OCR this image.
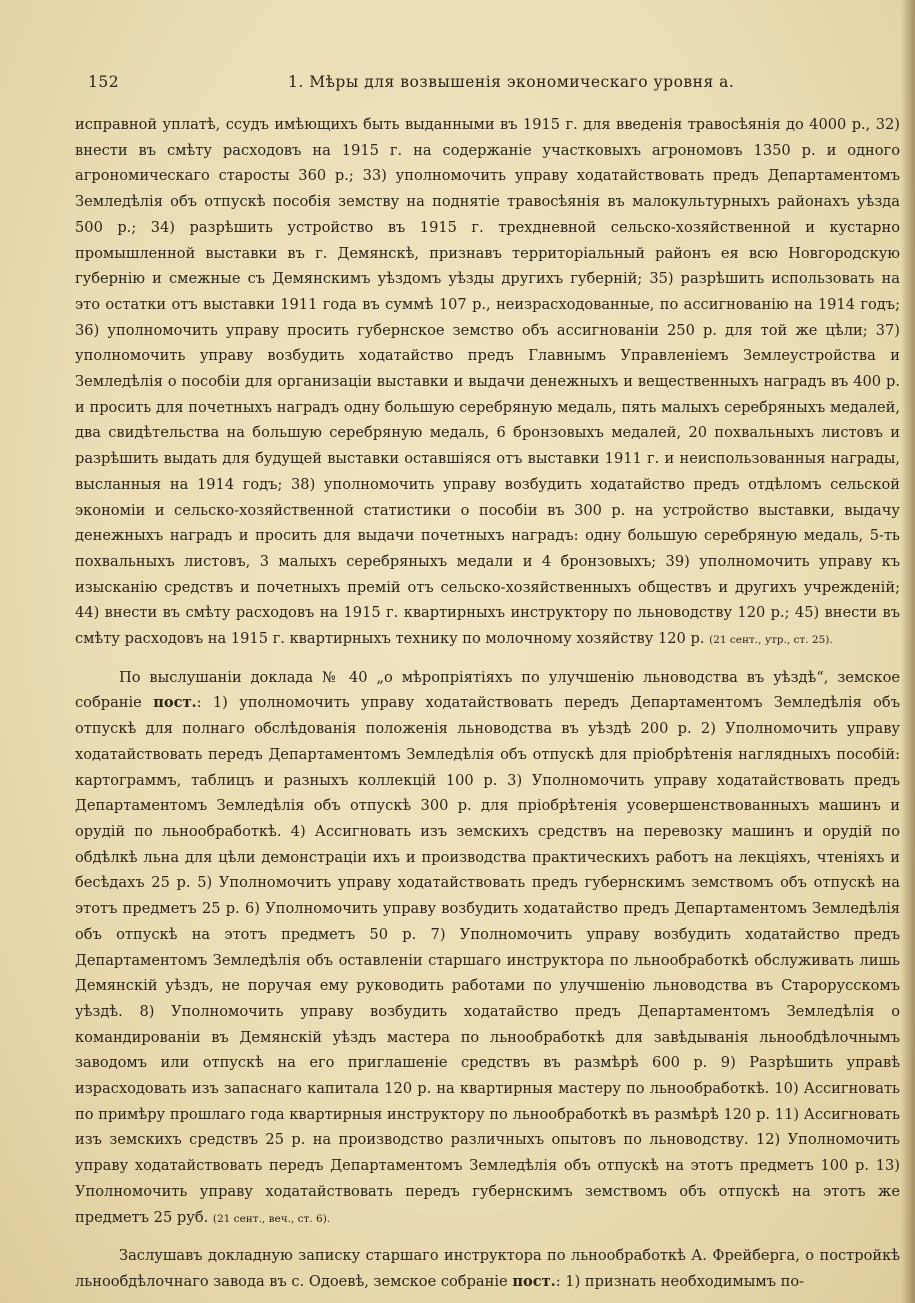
152	1. Мѣры для возвышенія экономическаго уровня а.

исправной уплатѣ, ссудъ имѣющихъ быть выданными въ 1915 г. для введенія травосѣянія до 4000 р., 32) внести въ смѣту расходовъ на 1915 г. на содержаніе участковыхъ агрономовъ 1350 р. и одного агрономическаго старосты 360 р.; 33) уполномочить управу ходатайствовать предъ Департаментомъ Земледѣлія объ отпускѣ пособія земству на поднятіе травосѣянія въ малокультурныхъ районахъ уѣзда 500 р.; 34) разрѣшить устройство въ 1915 г. трехдневной сельско-хозяйственной и кустарно промышленной выставки въ г. Демянскѣ, признавъ территоріальный районъ ея всю Новгородскую губернію и смежные съ Демянскимъ уѣздомъ уѣзды другихъ губерній; 35) разрѣшить использовать на это остатки отъ выставки 1911 года въ суммѣ 107 р., неизрасходованные, по ассигнованію на 1914 годъ; 36) уполномочить управу просить губернское земство объ ассигнованіи 250 р. для той же цѣли; 37) уполномочить управу возбудить ходатайство предъ Главнымъ Управленіемъ Землеустройства и Земледѣлія о пособіи для организаціи выставки и выдачи денежныхъ и вещественныхъ наградъ въ 400 р. и просить для почетныхъ наградъ одну большую серебряную медаль, пять малыхъ серебряныхъ медалей, два свидѣтельства на большую серебряную медаль, 6 бронзовыхъ медалей, 20 похвальныхъ листовъ и разрѣшить выдать для будущей выставки оставшіяся отъ выставки 1911 г. и неиспользованныя награды, высланныя на 1914 годъ; 38) уполномочить управу возбудить ходатайство предъ отдѣломъ сельской экономіи и сельско-хозяйственной статистики о пособіи въ 300 р. на устройство выставки, выдачу денежныхъ наградъ и просить для выдачи почетныхъ наградъ: одну большую серебряную медаль, 5-ть похвальныхъ листовъ, 3 малыхъ серебряныхъ медали и 4 бронзовыхъ; 39) уполномочить управу къ изысканію средствъ и почетныхъ премій отъ сельско-хозяйственныхъ обществъ и другихъ учрежденій; 44) внести въ смѣту расходовъ на 1915 г. квартирныхъ инструктору по льноводству 120 р.; 45) внести въ смѣту расходовъ на 1915 г. квартирныхъ технику по молочному хозяйству 120 р. (21 сент., утр., ст. 25).

По выслушаніи доклада № 40 „о мѣропріятіяхъ по улучшенію льноводства въ уѣздѣ“, земское собраніе пост.: 1) уполномочить управу ходатайствовать передъ Департаментомъ Земледѣлія объ отпускѣ для полнаго обслѣдованія положенія льноводства въ уѣздѣ 200 р. 2) Уполномочить управу ходатайствовать передъ Департаментомъ Земледѣлія объ отпускѣ для пріобрѣтенія наглядныхъ пособій: картограммъ, таблицъ и разныхъ коллекцій 100 р. 3) Уполномочить управу ходатайствовать предъ Департаментомъ Земледѣлія объ отпускѣ 300 р. для пріобрѣтенія усовершенствованныхъ машинъ и орудій по льнообработкѣ. 4) Ассигновать изъ земскихъ средствъ на перевозку машинъ и орудій по обдѣлкѣ льна для цѣли демонстраціи ихъ и производства практическихъ работъ на лекціяхъ, чтеніяхъ и бесѣдахъ 25 р. 5) Уполномочить управу ходатайствовать предъ губернскимъ земствомъ объ отпускѣ на этотъ предметъ 25 р. 6) Уполномочить управу возбудить ходатайство предъ Департаментомъ Земледѣлія объ отпускѣ на этотъ предметъ 50 р. 7) Уполномочить управу возбудить ходатайство предъ Департаментомъ Земледѣлія объ оставленіи старшаго инструктора по льнообработкѣ обслуживать лишь Демянскій уѣздъ, не поручая ему руководить работами по улучшенію льноводства въ Старорусскомъ уѣздѣ. 8) Уполномочить управу возбудить ходатайство предъ Департаментомъ Земледѣлія о командированіи въ Демянскій уѣздъ мастера по льнообработкѣ для завѣдыванія льнообдѣлочнымъ заводомъ или отпускѣ на его приглашеніе средствъ въ размѣрѣ 600 р. 9) Разрѣшить управѣ израсходовать изъ запаснаго капитала 120 р. на квартирныя мастеру по льнообработкѣ. 10) Ассигновать по примѣру прошлаго года квартирныя инструктору по льнообработкѣ въ размѣрѣ 120 р. 11) Ассигновать изъ земскихъ средствъ 25 р. на производство различныхъ опытовъ по льноводству. 12) Уполномочить управу ходатайствовать передъ Департаментомъ Земледѣлія объ отпускѣ на этотъ предметъ 100 р. 13) Уполномочить управу ходатайствовать передъ губернскимъ земствомъ объ отпускѣ на этотъ же предметъ 25 руб. (21 сент., веч., ст. 6).

Заслушавъ докладную записку старшаго инструктора по льнообработкѣ А. Фрейберга, о постройкѣ льнообдѣлочнаго завода въ с. Одоевѣ, земское собраніе пост.: 1) признать необходимымъ по-
